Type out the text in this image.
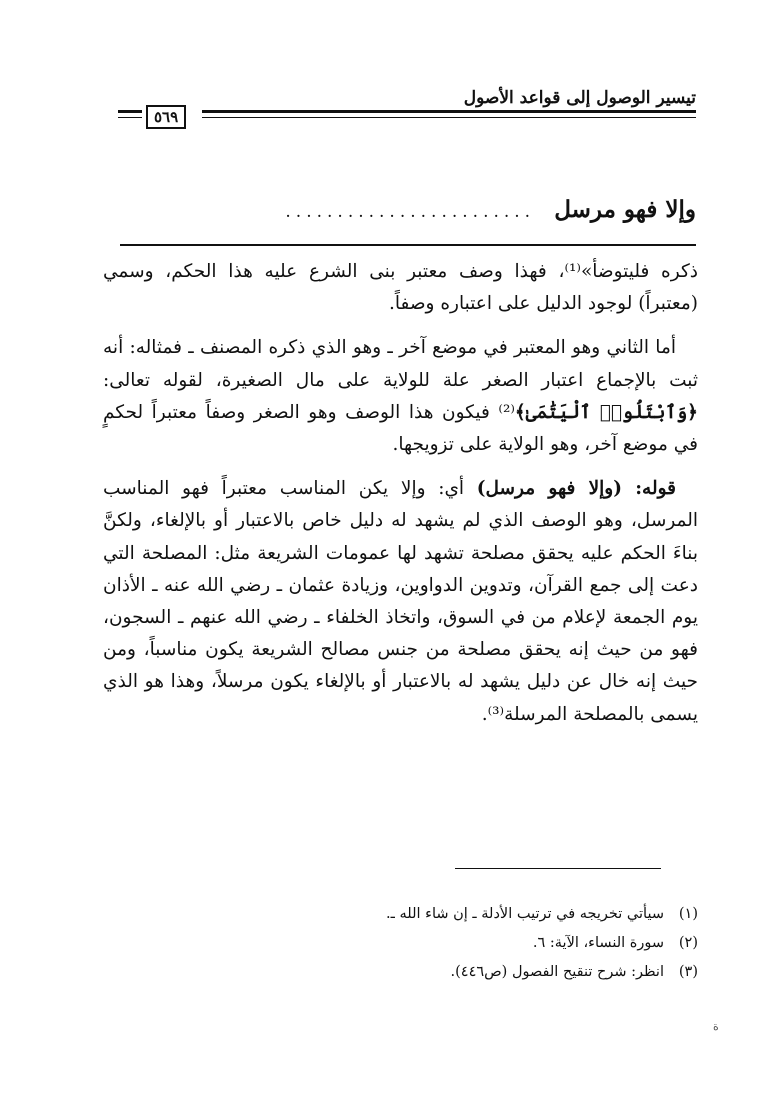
تيسير الوصول إلى قواعد الأصول
٥٦٩
وإلا فهو مرسل ........................

ذكره فليتوضأ»⁽¹⁾، فهذا وصف معتبر بنى الشرع عليه هذا الحكم، وسمي (معتبراً) لوجود الدليل على اعتباره وصفاً.

أما الثاني وهو المعتبر في موضع آخر ـ وهو الذي ذكره المصنف ـ فمثاله: أنه ثبت بالإجماع اعتبار الصغر علة للولاية على مال الصغيرة، لقوله تعالى: ﴿وَٱبْتَلُوا۟ ٱلْيَتَٰمَىٰ﴾⁽²⁾ فيكون هذا الوصف وهو الصغر وصفاً معتبراً لحكمٍ في موضع آخر، وهو الولاية على تزويجها.

قوله: (وإلا فهو مرسل) أي: وإلا يكن المناسب معتبراً فهو المناسب المرسل، وهو الوصف الذي لم يشهد له دليل خاص بالاعتبار أو بالإلغاء، ولكنَّ بناءَ الحكم عليه يحقق مصلحة تشهد لها عمومات الشريعة مثل: المصلحة التي دعت إلى جمع القرآن، وتدوين الدواوين، وزيادة عثمان ـ رضي الله عنه ـ الأذان يوم الجمعة لإعلام من في السوق، واتخاذ الخلفاء ـ رضي الله عنهم ـ السجون، فهو من حيث إنه يحقق مصلحة من جنس مصالح الشريعة يكون مناسباً، ومن حيث إنه خال عن دليل يشهد له بالاعتبار أو بالإلغاء يكون مرسلاً، وهذا هو الذي يسمى بالمصلحة المرسلة⁽³⁾.

(١)سيأتي تخريجه في ترتيب الأدلة ـ إن شاء الله ـ.
(٢)سورة النساء، الآية: ٦.
(٣)انظر: شرح تنقيح الفصول (ص٤٤٦).
ة
